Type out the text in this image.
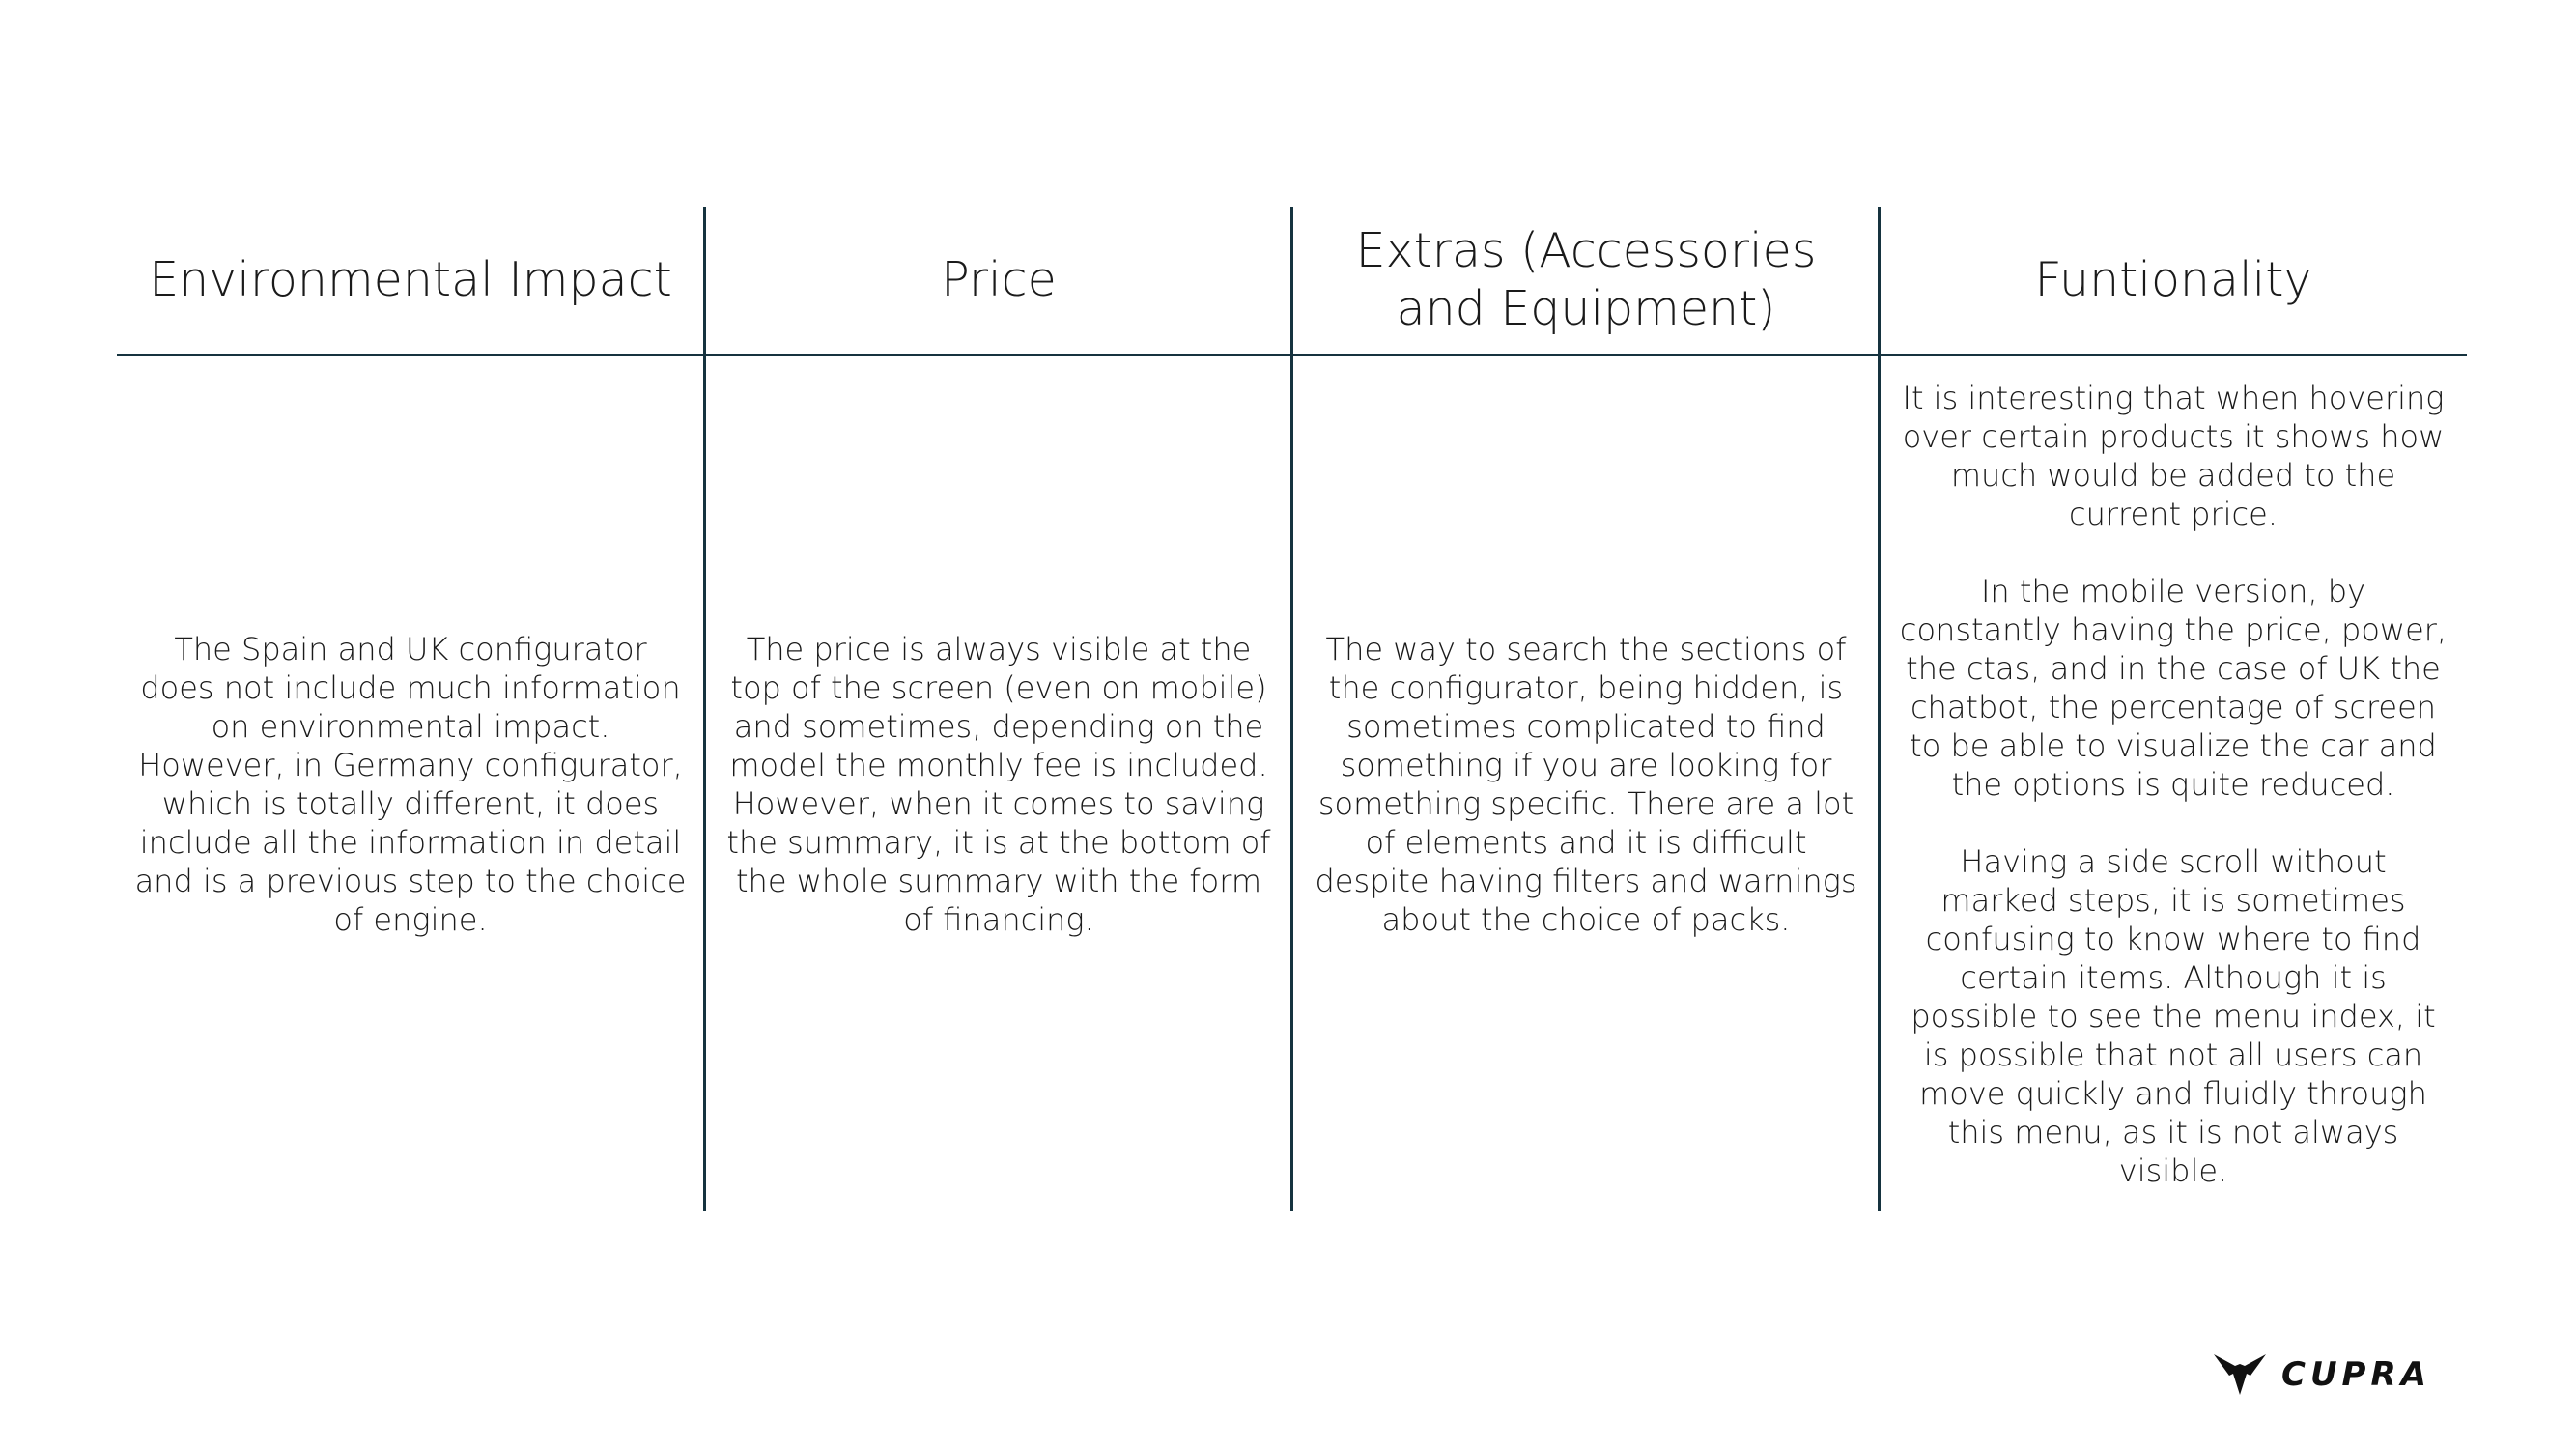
Environmental Impact

The Spain and UK configurator does not include much information on environmental impact. However, in Germany configurator, which is totally different, it does include all the information in detail and is a previous step to the choice of engine.

Price

The price is always visible at the top of the screen (even on mobile) and sometimes, depending on the model the monthly fee is included. However, when it comes to saving the summary, it is at the bottom of the whole summary with the form of financing.

Extras (Accessories and Equipment)

The way to search the sections of the configurator, being hidden, is sometimes complicated to find something if you are looking for something specific. There are a lot of elements and it is difficult despite having filters and warnings about the choice of packs.

Funtionality

It is interesting that when hovering over certain products it shows how much would be added to the current price.

In the mobile version, by constantly having the price, power, the ctas, and in the case of UK the chatbot, the percentage of screen to be able to visualize the car and the options is quite reduced.

Having a side scroll without marked steps, it is sometimes confusing to know where to find certain items. Although it is possible to see the menu index, it is possible that not all users can move quickly and fluidly through this menu, as it is not always visible.

CUPRA
